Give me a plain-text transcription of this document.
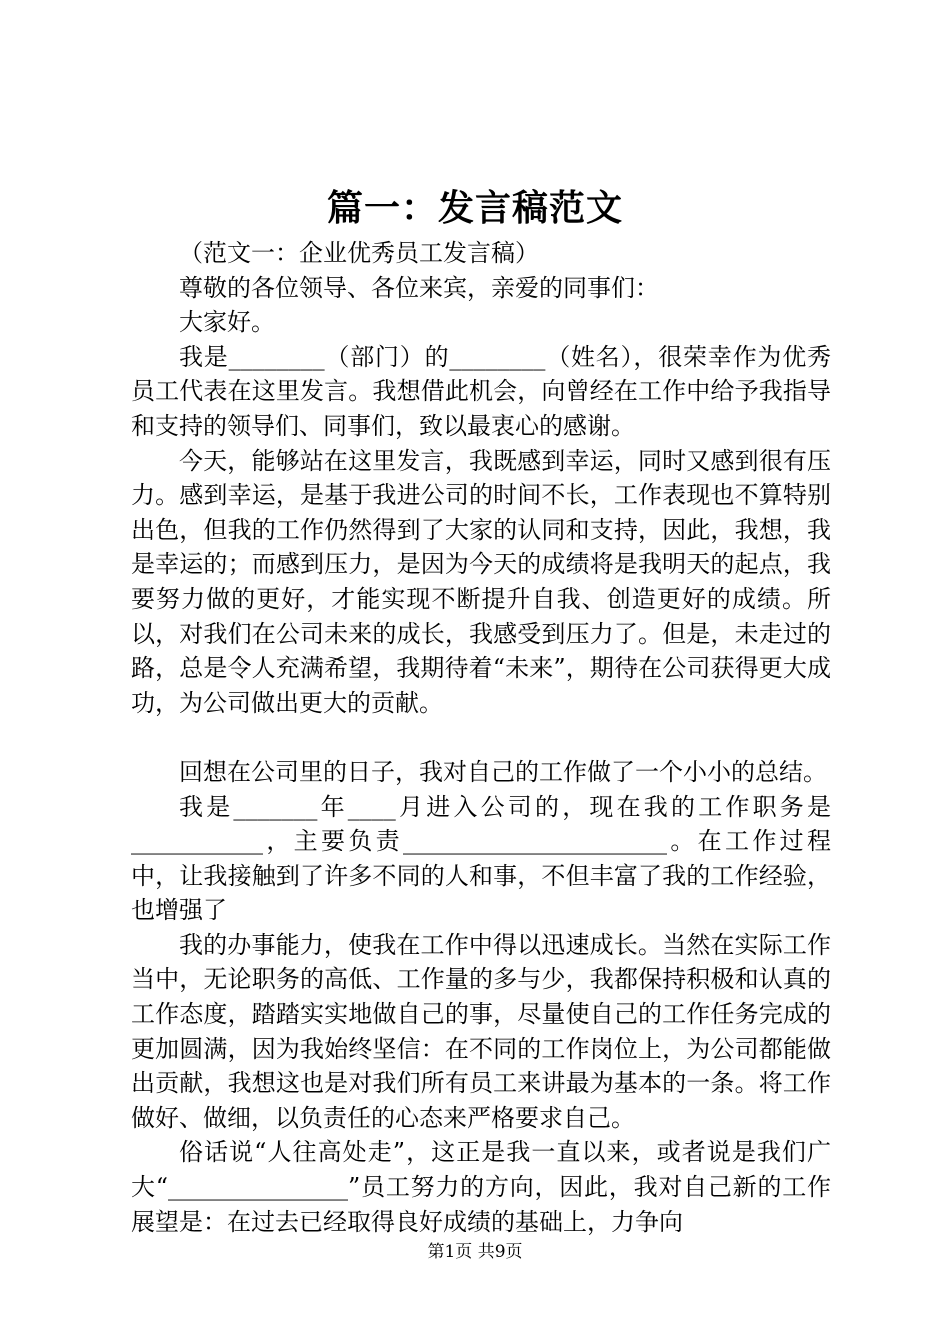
篇一：发言稿范文

（范文一：企业优秀员工发言稿）

尊敬的各位领导、各位来宾，亲爱的同事们：

大家好。

我是________（部门）的________（姓名），很荣幸作为优秀员工代表在这里发言。我想借此机会，向曾经在工作中给予我指导和支持的领导们、同事们，致以最衷心的感谢。

今天，能够站在这里发言，我既感到幸运，同时又感到很有压力。感到幸运，是基于我进公司的时间不长，工作表现也不算特别出色，但我的工作仍然得到了大家的认同和支持，因此，我想，我是幸运的；而感到压力，是因为今天的成绩将是我明天的起点，我要努力做的更好，才能实现不断提升自我、创造更好的成绩。所以，对我们在公司未来的成长，我感受到压力了。但是，未走过的路，总是令人充满希望，我期待着“未来”，期待在公司获得更大成功，为公司做出更大的贡献。

回想在公司里的日子，我对自己的工作做了一个小小的总结。

我是_______年____月进入公司的，现在我的工作职务是___________，主要负责______________________。在工作过程中，让我接触到了许多不同的人和事，不但丰富了我的工作经验，也增强了

我的办事能力，使我在工作中得以迅速成长。当然在实际工作当中，无论职务的高低、工作量的多与少，我都保持积极和认真的工作态度，踏踏实实地做自己的事，尽量使自己的工作任务完成的更加圆满，因为我始终坚信：在不同的工作岗位上，为公司都能做出贡献，我想这也是对我们所有员工来讲最为基本的一条。将工作做好、做细，以负责任的心态来严格要求自己。

俗话说“人往高处走”，这正是我一直以来，或者说是我们广大“_______________”员工努力的方向，因此，我对自己新的工作展望是：在过去已经取得良好成绩的基础上，力争向

第1页 共9页
